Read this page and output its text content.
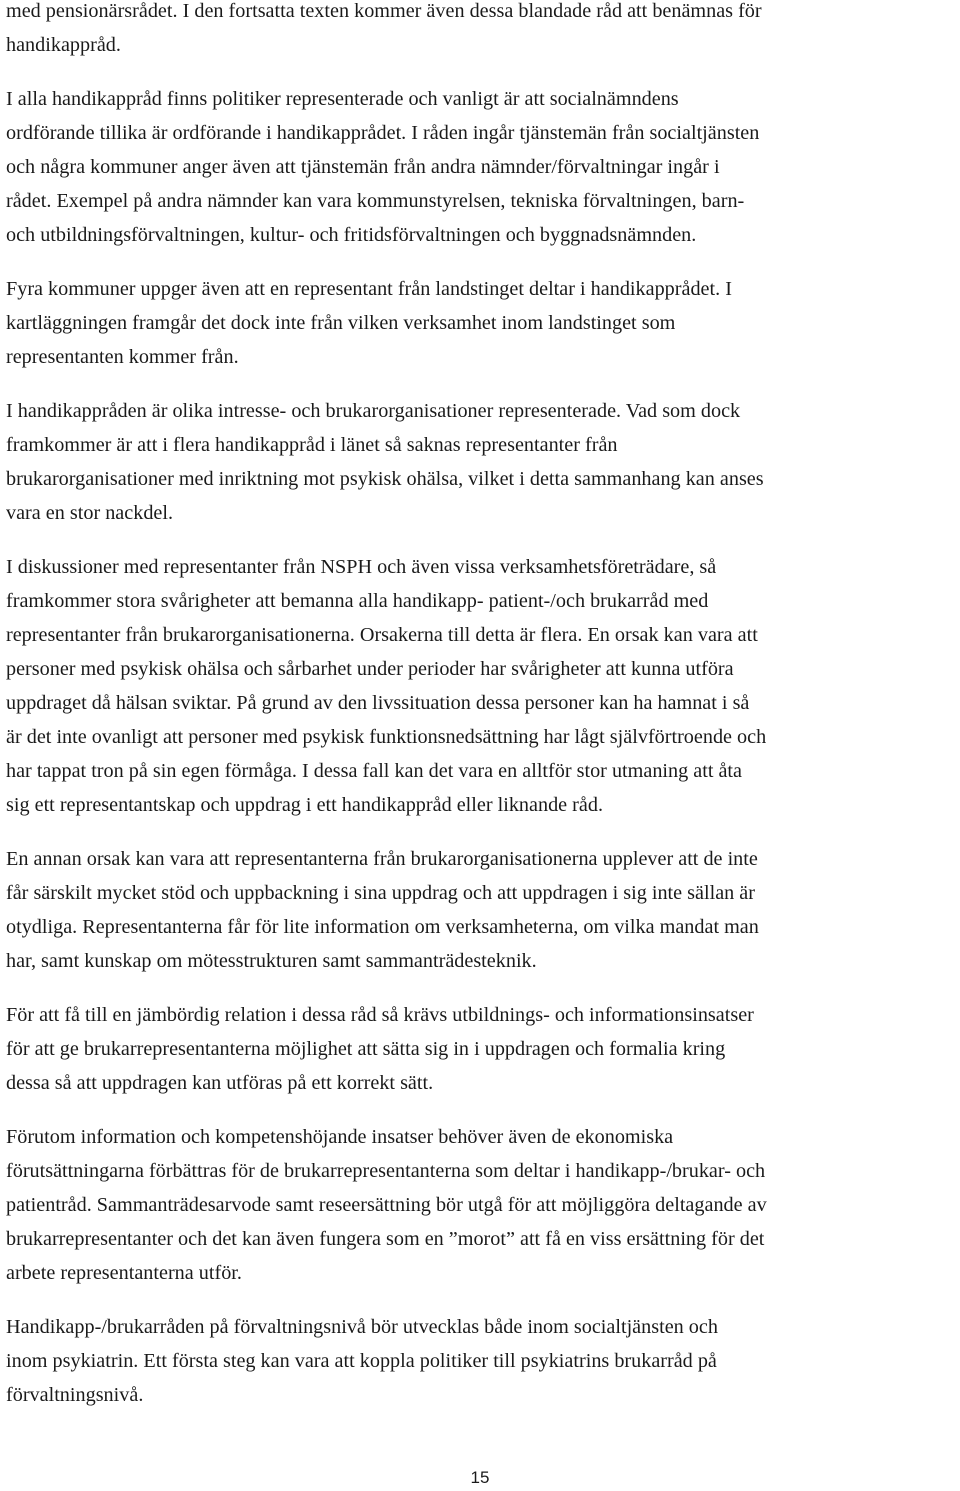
med pensionärsrådet. I den fortsatta texten kommer även dessa blandade råd att benämnas för
handikappråd.
I alla handikappråd finns politiker representerade och vanligt är att socialnämndens
ordförande tillika är ordförande i handikapprådet. I råden ingår tjänstemän från socialtjänsten
och några kommuner anger även att tjänstemän från andra nämnder/förvaltningar ingår i
rådet. Exempel på andra nämnder kan vara kommunstyrelsen, tekniska förvaltningen, barn-
och utbildningsförvaltningen, kultur- och fritidsförvaltningen och byggnadsnämnden.
Fyra kommuner uppger även att en representant från landstinget deltar i handikapprådet. I
kartläggningen framgår det dock inte från vilken verksamhet inom landstinget som
representanten kommer från.
I handikappråden är olika intresse- och brukarorganisationer representerade. Vad som dock
framkommer är att i flera handikappråd i länet så saknas representanter från
brukarorganisationer med inriktning mot psykisk ohälsa, vilket i detta sammanhang kan anses
vara en stor nackdel.
I diskussioner med representanter från NSPH och även vissa verksamhetsföreträdare, så
framkommer stora svårigheter att bemanna alla handikapp- patient-/och brukarråd med
representanter från brukarorganisationerna. Orsakerna till detta är flera. En orsak kan vara att
personer med psykisk ohälsa och sårbarhet under perioder har svårigheter att kunna utföra
uppdraget då hälsan sviktar. På grund av den livssituation dessa personer kan ha hamnat i så
är det inte ovanligt att personer med psykisk funktionsnedsättning har lågt självförtroende och
har tappat tron på sin egen förmåga. I dessa fall kan det vara en alltför stor utmaning att åta
sig ett representantskap och uppdrag i ett handikappråd eller liknande råd.
En annan orsak kan vara att representanterna från brukarorganisationerna upplever att de inte
får särskilt mycket stöd och uppbackning i sina uppdrag och att uppdragen i sig inte sällan är
otydliga. Representanterna får för lite information om verksamheterna, om vilka mandat man
har, samt kunskap om mötesstrukturen samt sammanträdesteknik.
För att få till en jämbördig relation i dessa råd så krävs utbildnings- och informationsinsatser
för att ge brukarrepresentanterna möjlighet att sätta sig in i uppdragen och formalia kring
dessa så att uppdragen kan utföras på ett korrekt sätt.
Förutom information och kompetenshöjande insatser behöver även de ekonomiska
förutsättningarna förbättras för de brukarrepresentanterna som deltar i handikapp-/brukar- och
patientråd. Sammanträdesarvode samt reseersättning bör utgå för att möjliggöra deltagande av
brukarrepresentanter och det kan även fungera som en ”morot” att få en viss ersättning för det
arbete representanterna utför.
Handikapp-/brukarråden på förvaltningsnivå bör utvecklas både inom socialtjänsten och
inom psykiatrin. Ett första steg kan vara att koppla politiker till psykiatrins brukarråd på
förvaltningsnivå.
15
